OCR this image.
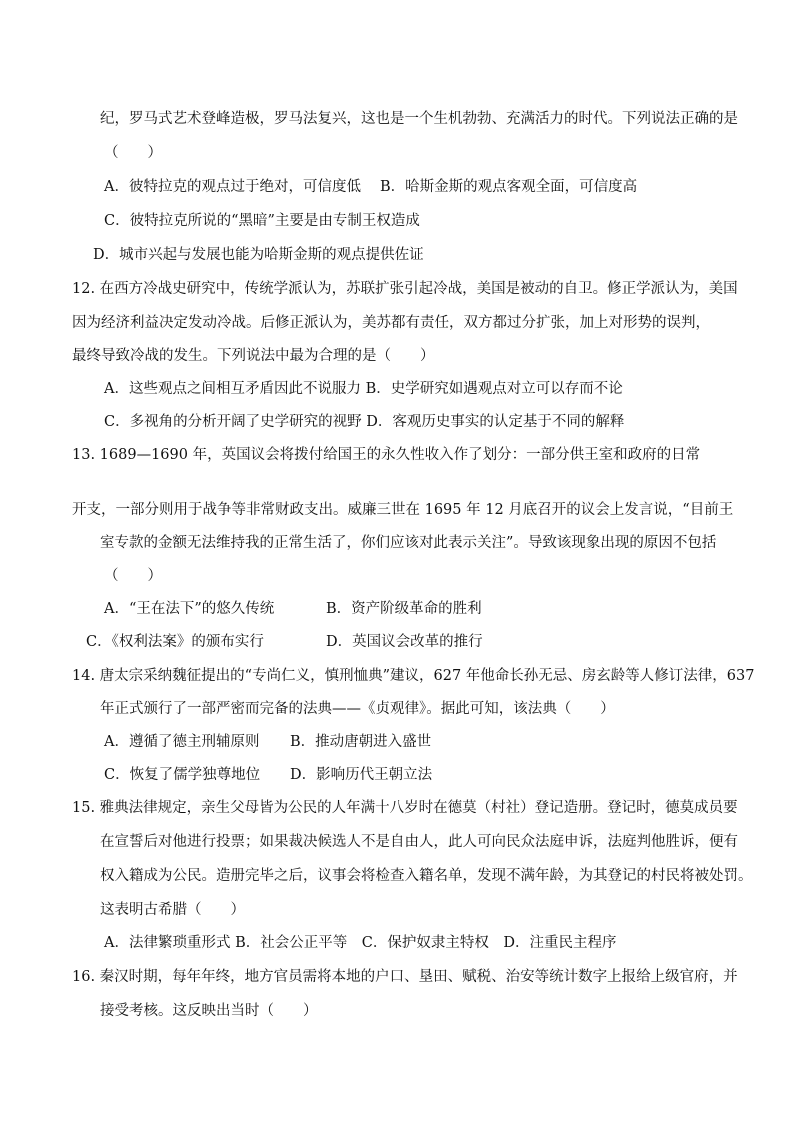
纪，罗马式艺术登峰造极，罗马法复兴，这也是一个生机勃勃、充满活力的时代。下列说法正确的是
（　　）
A．彼特拉克的观点过于绝对，可信度低 B．哈斯金斯的观点客观全面，可信度高
C．彼特拉克所说的“黑暗”主要是由专制王权造成
D．城市兴起与发展也能为哈斯金斯的观点提供佐证
12. 在西方冷战史研究中，传统学派认为，苏联扩张引起冷战，美国是被动的自卫。修正学派认为，美国
因为经济利益决定发动冷战。后修正派认为，美苏都有责任，双方都过分扩张，加上对形势的误判，
最终导致冷战的发生。下列说法中最为合理的是（　　）
A．这些观点之间相互矛盾因此不说服力 B．史学研究如遇观点对立可以存而不论
C．多视角的分析开阔了史学研究的视野 D．客观历史事实的认定基于不同的解释
13. 1689—1690 年，英国议会将拨付给国王的永久性收入作了划分：一部分供王室和政府的日常
开支，一部分则用于战争等非常财政支出。威廉三世在 1695 年 12 月底召开的议会上发言说，“目前王
室专款的金额无法维持我的正常生活了，你们应该对此表示关注”。导致该现象出现的原因不包括
（　　）
A．“王在法下”的悠久传统	B．资产阶级革命的胜利
C．《权利法案》的颁布实行	D．英国议会改革的推行
14. 唐太宗采纳魏征提出的“专尚仁义，慎刑恤典”建议，627 年他命长孙无忌、房玄龄等人修订法律，637
年正式颁行了一部严密而完备的法典——《贞观律》。据此可知，该法典（　　）
A．遵循了德主刑辅原则 B．推动唐朝进入盛世
C．恢复了儒学独尊地位 D．影响历代王朝立法
15. 雅典法律规定，亲生父母皆为公民的人年满十八岁时在德莫（村社）登记造册。登记时，德莫成员要
在宣誓后对他进行投票；如果裁决候选人不是自由人，此人可向民众法庭申诉，法庭判他胜诉，便有
权入籍成为公民。造册完毕之后，议事会将检查入籍名单，发现不满年龄，为其登记的村民将被处罚。
这表明古希腊（　　）
A．法律繁琐重形式 B．社会公正平等　C．保护奴隶主特权　D．注重民主程序
16. 秦汉时期，每年年终，地方官员需将本地的户口、垦田、赋税、治安等统计数字上报给上级官府，并
接受考核。这反映出当时（　　）
